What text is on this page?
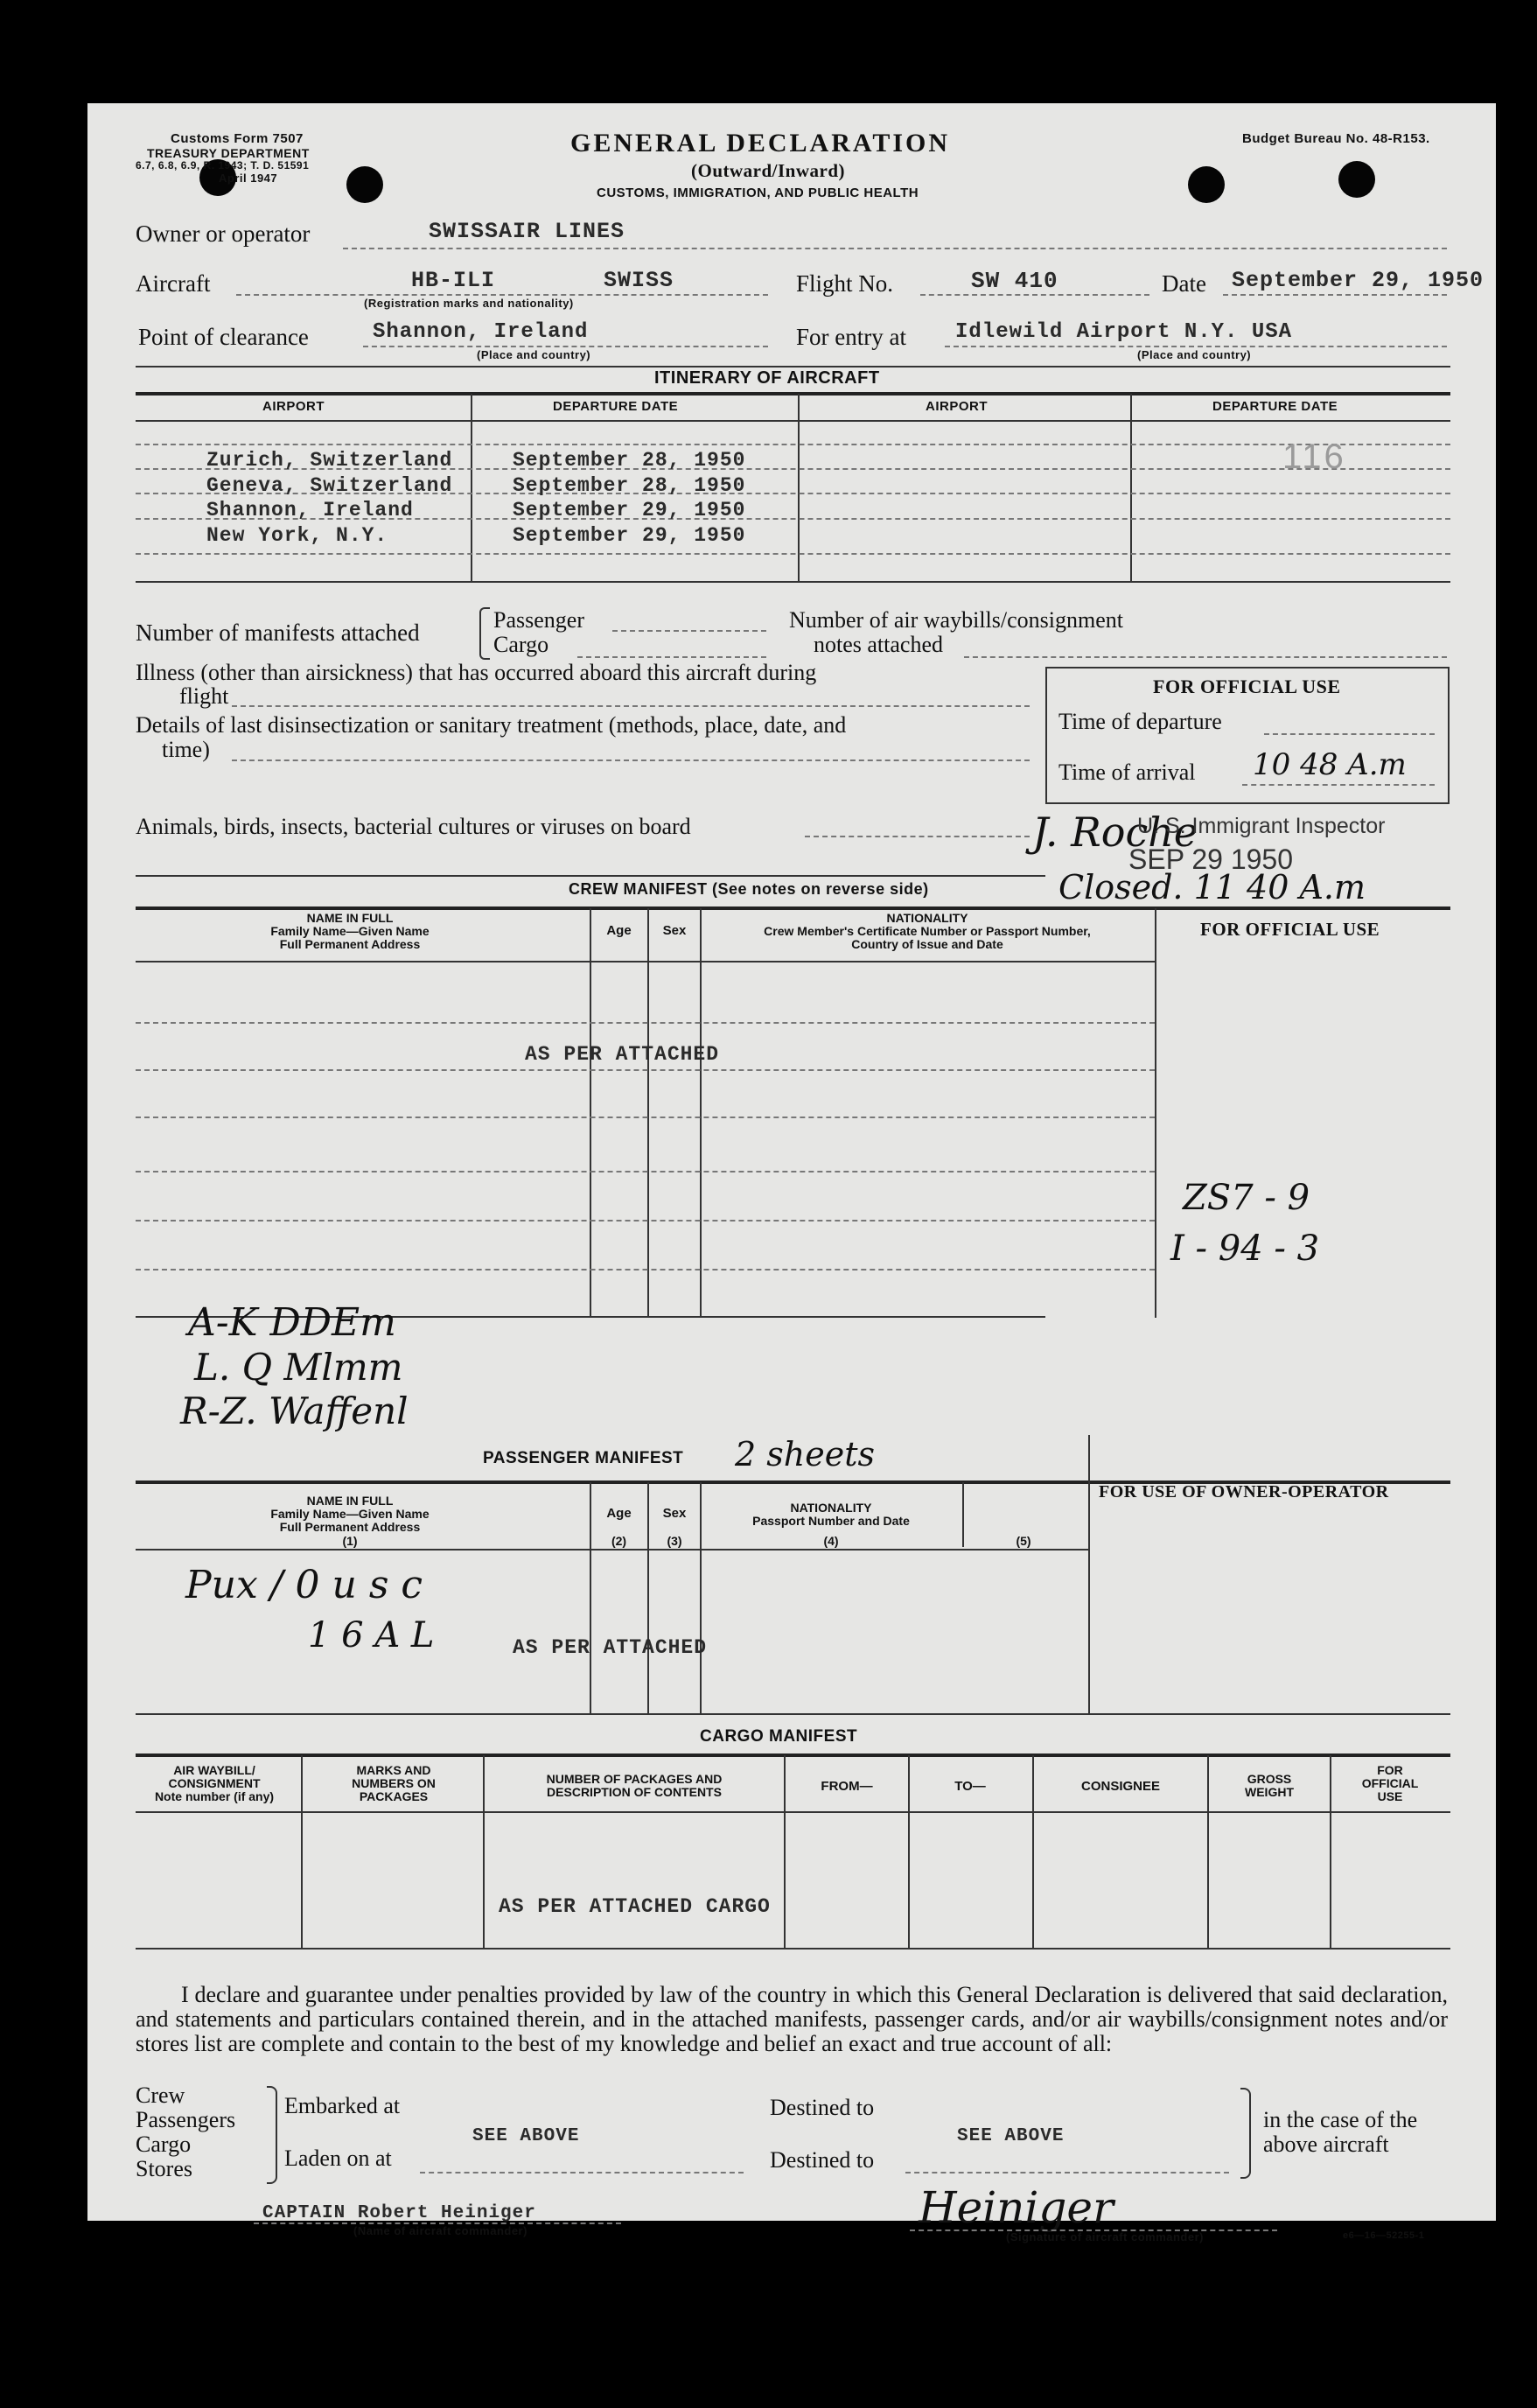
Customs Form 7507
TREASURY DEPARTMENT
6.7, 6.8, 6.9, R. 1943; T. D. 51591
April 1947
GENERAL DECLARATION
(Outward/Inward)
CUSTOMS, IMMIGRATION, AND PUBLIC HEALTH
Budget Bureau No. 48-R153.
Owner or operator	SWISSAIR LINES
Aircraft	HB-ILI	SWISS
(Registration marks and nationality)
Flight No.	SW 410	Date September 29, 1950
Point of clearance	Shannon, Ireland
(Place and country)
For entry at Idlewild Airport N.Y. USA
(Place and country)
ITINERARY OF AIRCRAFT
AIRPORT	DEPARTURE DATE	AIRPORT	DEPARTURE DATE
Zurich, Switzerland	September 28, 1950
Geneva, Switzerland	September 28, 1950
Shannon, Ireland	September 29, 1950
New York, N.Y.	September 29, 1950
116
Number of manifests attached	Passenger
Cargo
Number of air waybills/consignment
notes attached
Illness (other than airsickness) that has occurred aboard this aircraft during
flight
Details of last disinsectization or sanitary treatment (methods, place, date, and
time)
Animals, birds, insects, bacterial cultures or viruses on board
FOR OFFICIAL USE
Time of departure
Time of arrival 10 48 A.m
J. Roche
U. S. Immigrant Inspector
SEP 29 1950
Closed. 11 40 A.m
CREW MANIFEST (See notes on reverse side)
NAME IN FULL
Family Name—Given Name
Full Permanent Address
Age	Sex
NATIONALITY
Crew Member's Certificate Number or Passport Number,
Country of Issue and Date
FOR OFFICIAL USE
AS PER ATTACHED
ZS7 - 9
I - 94 - 3
A-K DDEm
L. Q Mlmm
R-Z. Waffenl
PASSENGER MANIFEST 2 sheets
NAME IN FULL
Family Name—Given Name
Full Permanent Address
(1)
Age
(2)
Sex
(3)
NATIONALITY
Passport Number and Date
(4)	(5)
FOR USE OF OWNER-OPERATOR
Pux / 0 u s c
1 6 A L	AS PER ATTACHED
CARGO MANIFEST
AIR WAYBILL/
CONSIGNMENT
Note number (if any)
MARKS AND
NUMBERS ON
PACKAGES
NUMBER OF PACKAGES AND
DESCRIPTION OF CONTENTS	FROM—	TO—	CONSIGNEE	GROSS
WEIGHT
FOR
OFFICIAL
USE
AS PER ATTACHED CARGO
I declare and guarantee under penalties provided by law of the country in which this General Declaration is delivered that said declaration, and statements and particulars contained therein, and in the attached manifests, passenger cards, and/or air waybills/consignment notes and/or stores list are complete and contain to the best of my knowledge and belief an exact and true account of all:
Crew
Passengers
Cargo
Stores
Embarked at
Laden on at
SEE ABOVE
Destined to
Destined to
SEE ABOVE
in the case of the
above aircraft
CAPTAIN Robert Heiniger
(Name of aircraft commander)	Heiniger
(Signature of aircraft commander)	e6—16—52255-1
